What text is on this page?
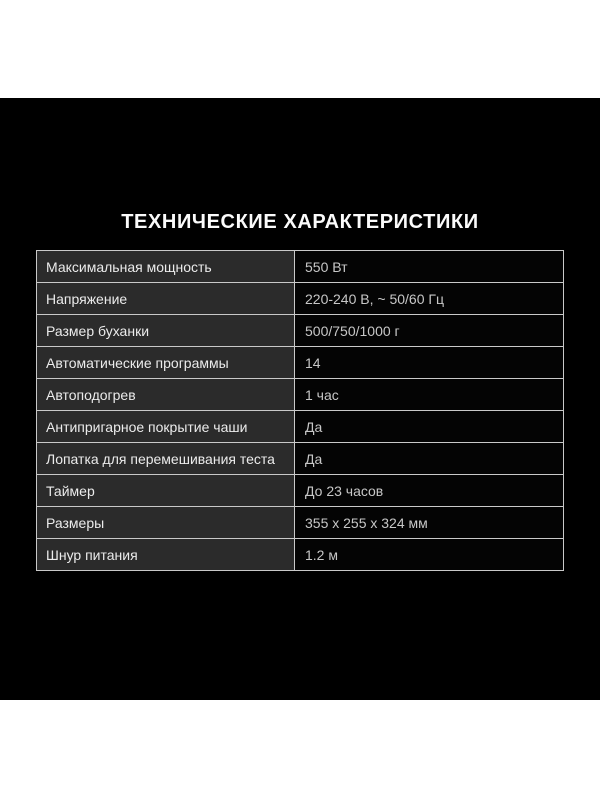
ТЕХНИЧЕСКИЕ ХАРАКТЕРИСТИКИ
Максимальная мощность	550 Вт
Напряжение	220-240 В, ~ 50/60 Гц
Размер буханки	500/750/1000 г
Автоматические программы	14
Автоподогрев	1 час
Антипригарное покрытие чаши	Да
Лопатка для перемешивания теста	Да
Таймер	До 23 часов
Размеры	355 x 255 x 324 мм
Шнур питания	1.2 м
